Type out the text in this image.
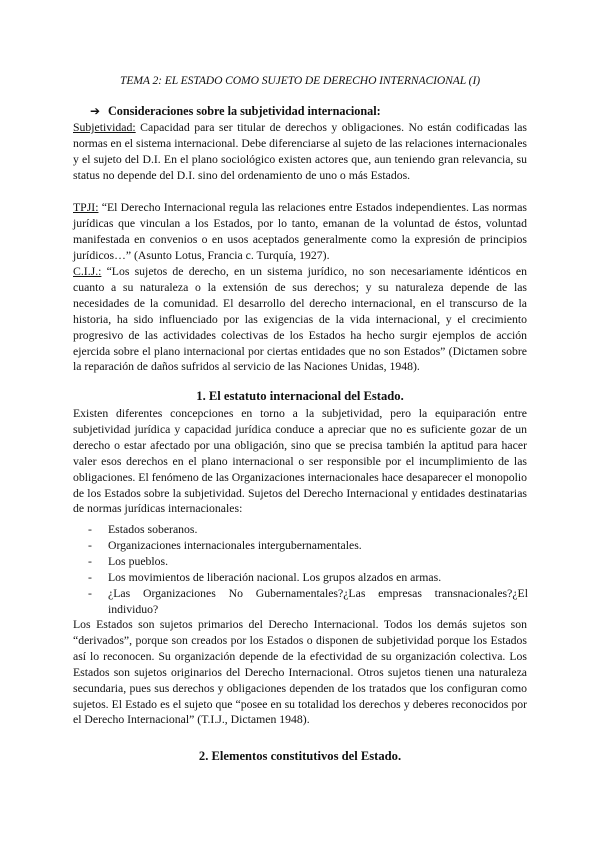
TEMA 2: EL ESTADO COMO SUJETO DE DERECHO INTERNACIONAL (I)
➔ Consideraciones sobre la subjetividad internacional:
Subjetividad: Capacidad para ser titular de derechos y obligaciones. No están codificadas las normas en el sistema internacional. Debe diferenciarse al sujeto de las relaciones internacionales y el sujeto del D.I. En el plano sociológico existen actores que, aun teniendo gran relevancia, su status no depende del D.I. sino del ordenamiento de uno o más Estados.
TPJI: “El Derecho Internacional regula las relaciones entre Estados independientes. Las normas jurídicas que vinculan a los Estados, por lo tanto, emanan de la voluntad de éstos, voluntad manifestada en convenios o en usos aceptados generalmente como la expresión de principios jurídicos…” (Asunto Lotus, Francia c. Turquía, 1927).
C.I.J.: “Los sujetos de derecho, en un sistema jurídico, no son necesariamente idénticos en cuanto a su naturaleza o la extensión de sus derechos; y su naturaleza depende de las necesidades de la comunidad. El desarrollo del derecho internacional, en el transcurso de la historia, ha sido influenciado por las exigencias de la vida internacional, y el crecimiento progresivo de las actividades colectivas de los Estados ha hecho surgir ejemplos de acción ejercida sobre el plano internacional por ciertas entidades que no son Estados” (Dictamen sobre la reparación de daños sufridos al servicio de las Naciones Unidas, 1948).
1. El estatuto internacional del Estado.
Existen diferentes concepciones en torno a la subjetividad, pero la equiparación entre subjetividad jurídica y capacidad jurídica conduce a apreciar que no es suficiente gozar de un derecho o estar afectado por una obligación, sino que se precisa también la aptitud para hacer valer esos derechos en el plano internacional o ser responsible por el incumplimiento de las obligaciones. El fenómeno de las Organizaciones internacionales hace desaparecer el monopolio de los Estados sobre la subjetividad. Sujetos del Derecho Internacional y entidades destinatarias de normas jurídicas internacionales:
- Estados soberanos.
- Organizaciones internacionales intergubernamentales.
- Los pueblos.
- Los movimientos de liberación nacional. Los grupos alzados en armas.
- ¿Las Organizaciones No Gubernamentales?¿Las empresas transnacionales?¿El individuo?
Los Estados son sujetos primarios del Derecho Internacional. Todos los demás sujetos son “derivados”, porque son creados por los Estados o disponen de subjetividad porque los Estados así lo reconocen. Su organización depende de la efectividad de su organización colectiva. Los Estados son sujetos originarios del Derecho Internacional. Otros sujetos tienen una naturaleza secundaria, pues sus derechos y obligaciones dependen de los tratados que los configuran como sujetos. El Estado es el sujeto que “posee en su totalidad los derechos y deberes reconocidos por el Derecho Internacional” (T.I.J., Dictamen 1948).
2. Elementos constitutivos del Estado.
